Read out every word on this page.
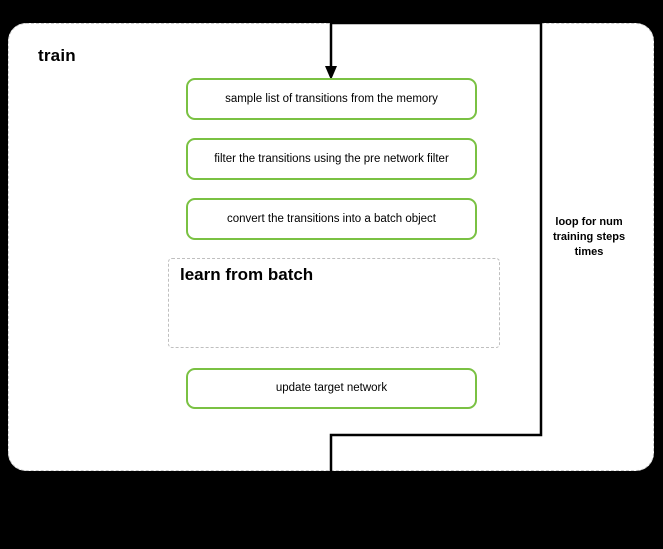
train
learn from batch
sample list of transitions from the memory
filter the transitions using the pre network filter
convert the transitions into a batch object
update target network
loop for num training steps times
